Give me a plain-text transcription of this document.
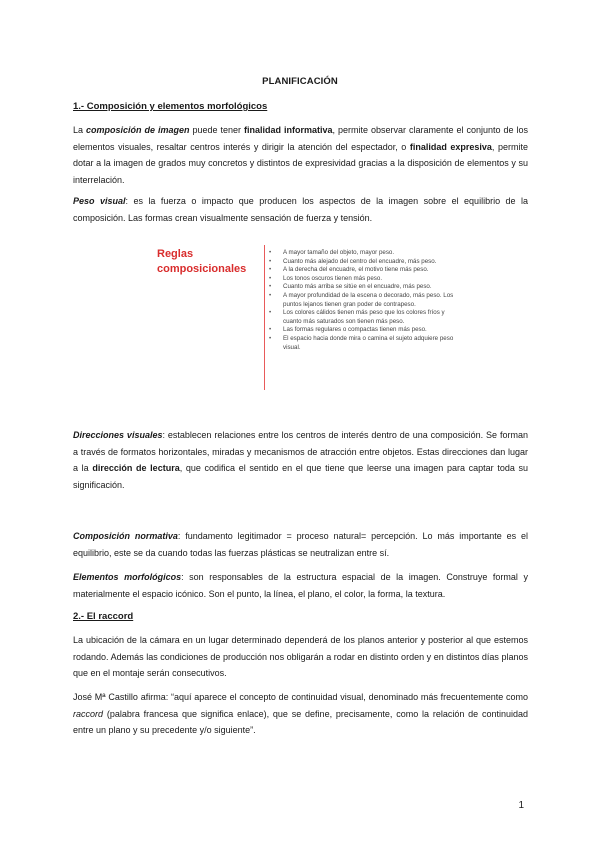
PLANIFICACIÓN
1.- Composición y elementos morfológicos
La composición de imagen puede tener finalidad informativa, permite observar claramente el conjunto de los elementos visuales, resaltar centros interés y dirigir la atención del espectador, o finalidad expresiva, permite dotar a la imagen de grados muy concretos y distintos de expresividad gracias a la disposición de elementos y su interrelación.
Peso visual: es la fuerza o impacto que producen los aspectos de la imagen sobre el equilibrio de la composición. Las formas crean visualmente sensación de fuerza y tensión.
Reglas composicionales
• A mayor tamaño del objeto, mayor peso.
• Cuanto más alejado del centro del encuadre, más peso.
• A la derecha del encuadre, el motivo tiene más peso.
• Los tonos oscuros tienen más peso.
• Cuanto más arriba se sitúe en el encuadre, más peso.
• A mayor profundidad de la escena o decorado, más peso. Los puntos lejanos tienen gran poder de contrapeso.
• Los colores cálidos tienen más peso que los colores fríos y cuanto más saturados son tienen más peso.
• Las formas regulares o compactas tienen más peso.
• El espacio hacia donde mira o camina el sujeto adquiere peso visual.
Direcciones visuales: establecen relaciones entre los centros de interés dentro de una composición. Se forman a través de formatos horizontales, miradas y mecanismos de atracción entre objetos. Estas direcciones dan lugar a la dirección de lectura, que codifica el sentido en el que tiene que leerse una imagen para captar toda su significación.
Composición normativa: fundamento legitimador = proceso natural= percepción. Lo más importante es el equilibrio, este se da cuando todas las fuerzas plásticas se neutralizan entre sí.
Elementos morfológicos: son responsables de la estructura espacial de la imagen. Construye formal y materialmente el espacio icónico. Son el punto, la línea, el plano, el color, la forma, la textura.
2.- El raccord
La ubicación de la cámara en un lugar determinado dependerá de los planos anterior y posterior al que estemos rodando. Además las condiciones de producción nos obligarán a rodar en distinto orden y en distintos días planos que en el montaje serán consecutivos.
José Mª Castillo afirma: “aquí aparece el concepto de continuidad visual, denominado más frecuentemente como raccord (palabra francesa que significa enlace), que se define, precisamente, como la relación de continuidad entre un plano y su precedente y/o siguiente”.
1
